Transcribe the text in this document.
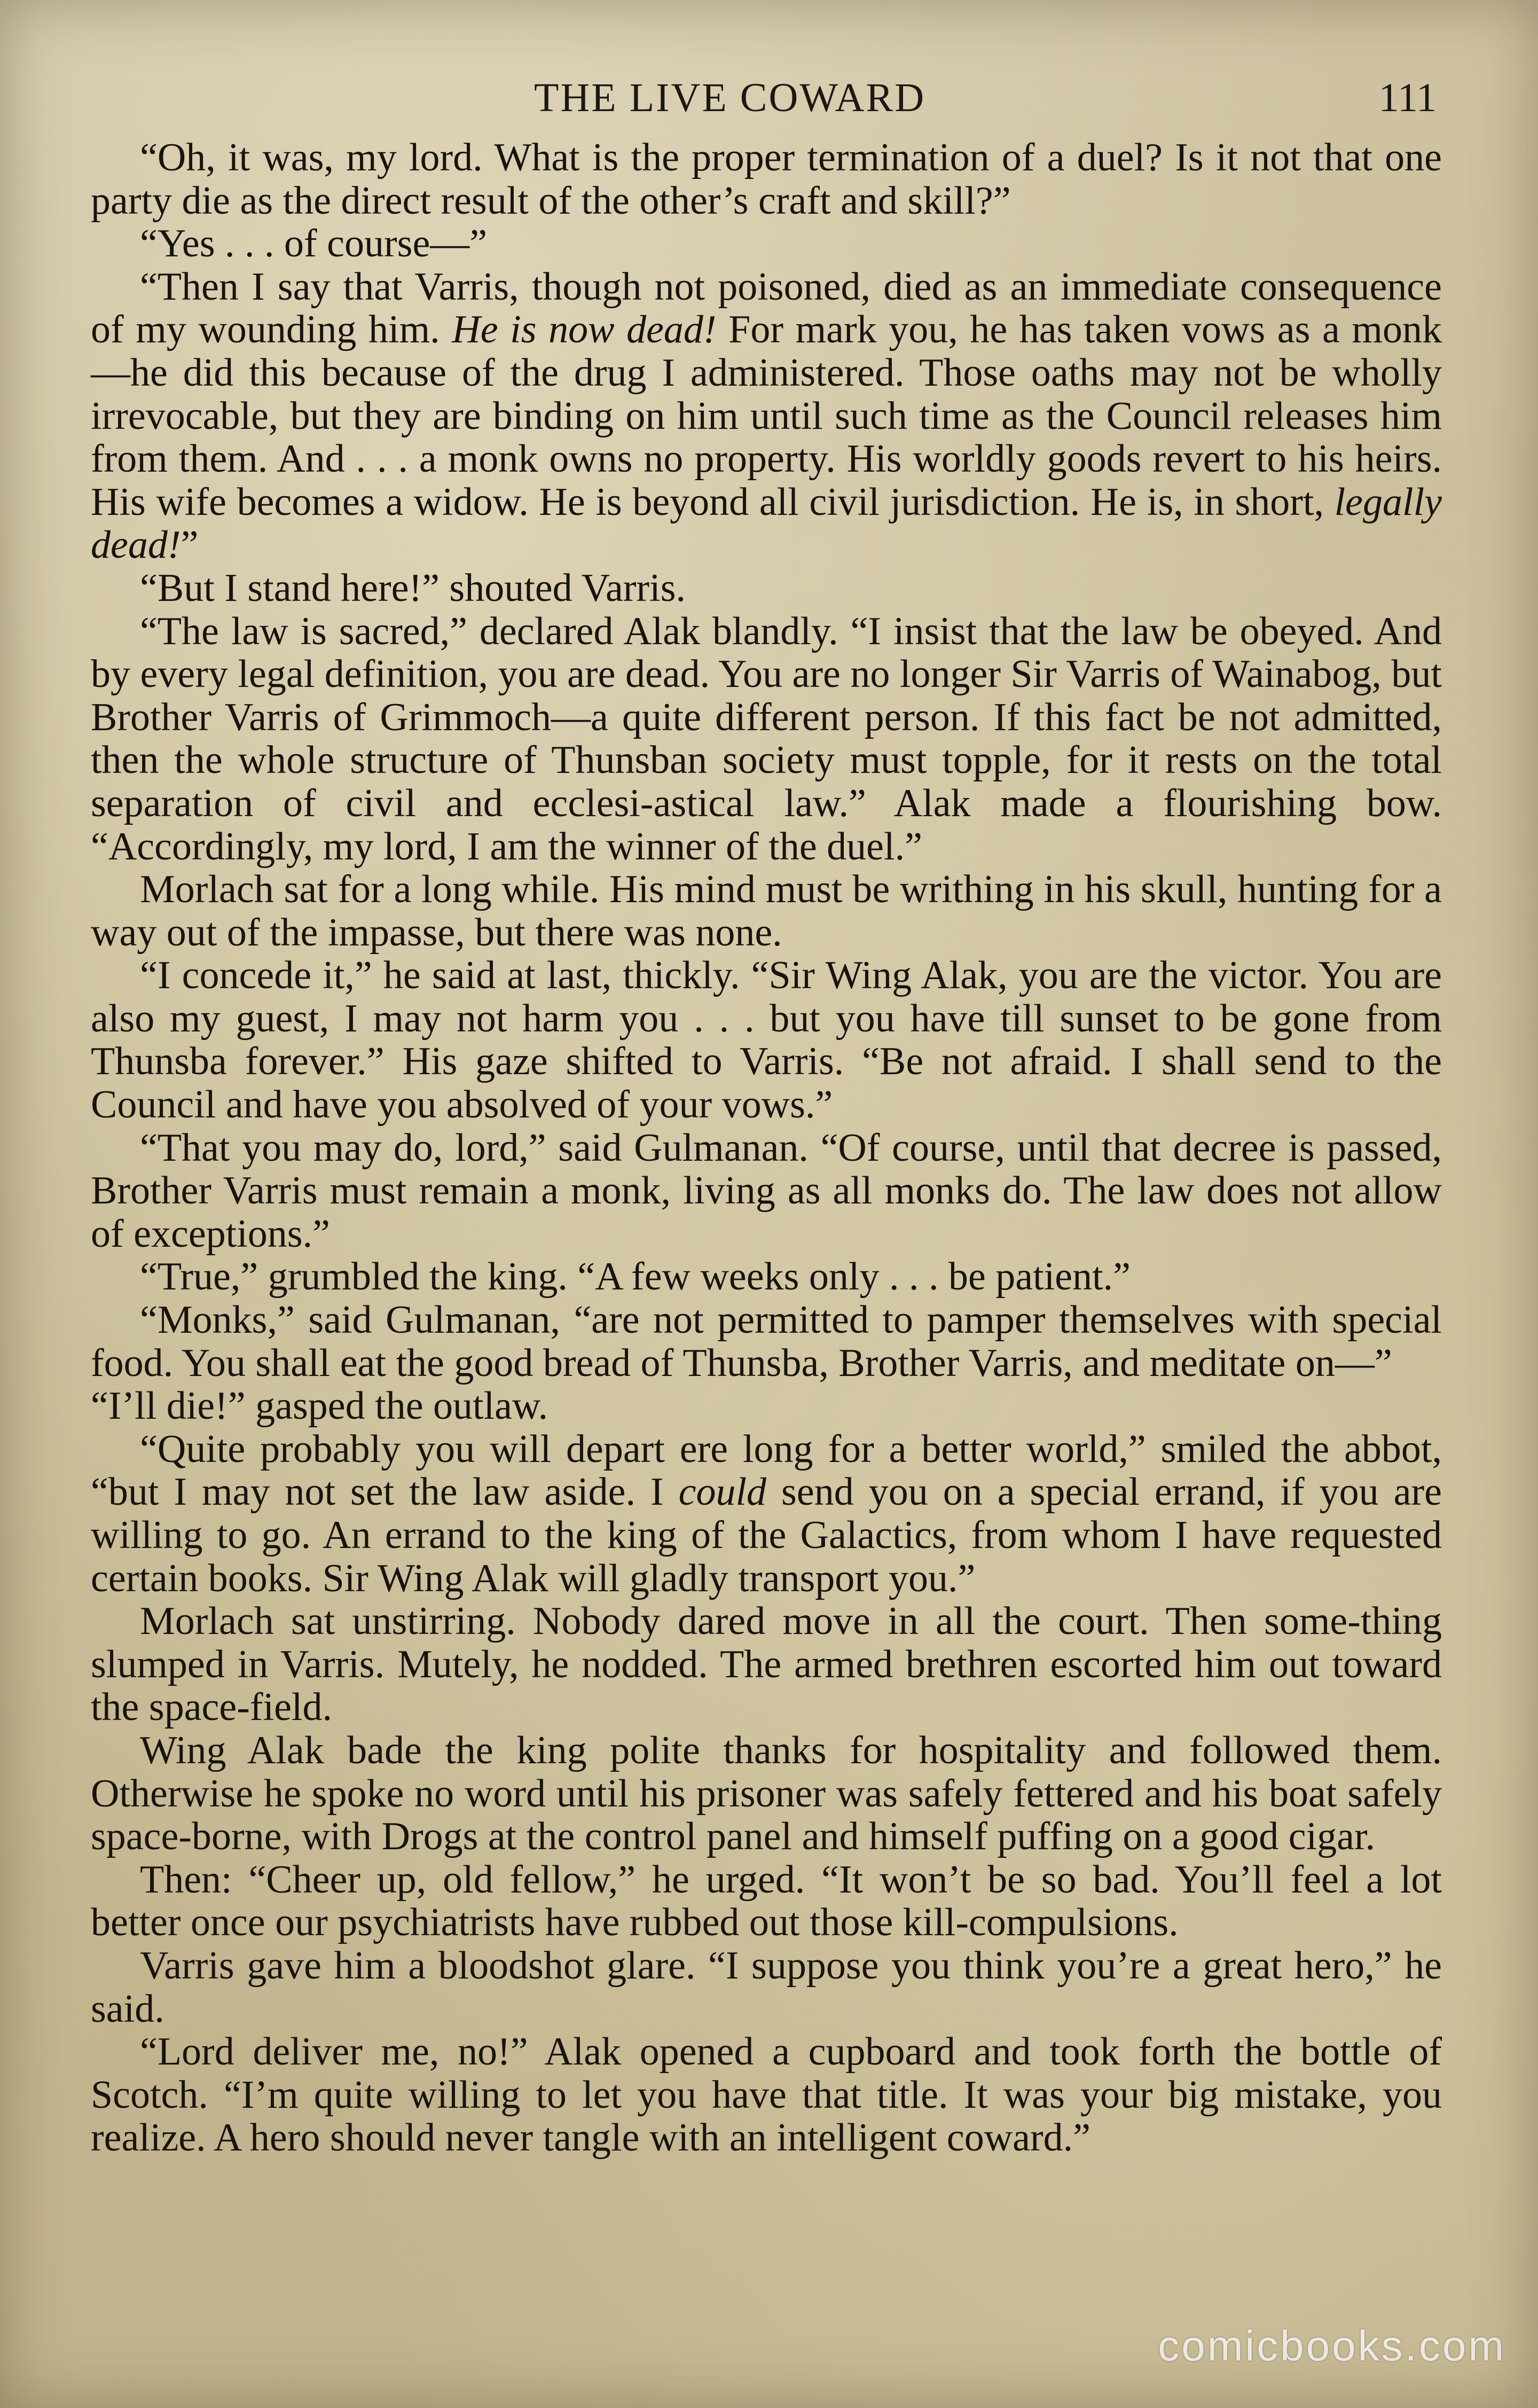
THE LIVE COWARD	111

“Oh, it was, my lord. What is the proper termination of a duel? Is it not that one party die as the direct result of the other’s craft and skill?”

“Yes . . . of course—”

“Then I say that Varris, though not poisoned, died as an immediate consequence of my wounding him. He is now dead! For mark you, he has taken vows as a monk—he did this because of the drug I administered. Those oaths may not be wholly irrevocable, but they are binding on him until such time as the Council releases him from them. And . . . a monk owns no property. His worldly goods revert to his heirs. His wife becomes a widow. He is beyond all civil jurisdiction. He is, in short, legally dead!”

“But I stand here!” shouted Varris.

“The law is sacred,” declared Alak blandly. “I insist that the law be obeyed. And by every legal definition, you are dead. You are no longer Sir Varris of Wainabog, but Brother Varris of Grimmoch—a quite different person. If this fact be not admitted, then the whole structure of Thunsban society must topple, for it rests on the total separation of civil and ecclesi-astical law.” Alak made a flourishing bow. “Accordingly, my lord, I am the winner of the duel.”

Morlach sat for a long while. His mind must be writhing in his skull, hunting for a way out of the impasse, but there was none.

“I concede it,” he said at last, thickly. “Sir Wing Alak, you are the victor. You are also my guest, I may not harm you . . . but you have till sunset to be gone from Thunsba forever.” His gaze shifted to Varris. “Be not afraid. I shall send to the Council and have you absolved of your vows.”

“That you may do, lord,” said Gulmanan. “Of course, until that decree is passed, Brother Varris must remain a monk, living as all monks do. The law does not allow of exceptions.”

“True,” grumbled the king. “A few weeks only . . . be patient.”

“Monks,” said Gulmanan, “are not permitted to pamper themselves with special food. You shall eat the good bread of Thunsba, Brother Varris, and meditate on—”

“I’ll die!” gasped the outlaw.

“Quite probably you will depart ere long for a better world,” smiled the abbot, “but I may not set the law aside. I could send you on a special errand, if you are willing to go. An errand to the king of the Galactics, from whom I have requested certain books. Sir Wing Alak will gladly transport you.”

Morlach sat unstirring. Nobody dared move in all the court. Then some-thing slumped in Varris. Mutely, he nodded. The armed brethren escorted him out toward the space-field.

Wing Alak bade the king polite thanks for hospitality and followed them. Otherwise he spoke no word until his prisoner was safely fettered and his boat safely space-borne, with Drogs at the control panel and himself puffing on a good cigar.

Then: “Cheer up, old fellow,” he urged. “It won’t be so bad. You’ll feel a lot better once our psychiatrists have rubbed out those kill-compulsions.

Varris gave him a bloodshot glare. “I suppose you think you’re a great hero,” he said.

“Lord deliver me, no!” Alak opened a cupboard and took forth the bottle of Scotch. “I’m quite willing to let you have that title. It was your big mistake, you realize. A hero should never tangle with an intelligent coward.”

comicbooks.com
